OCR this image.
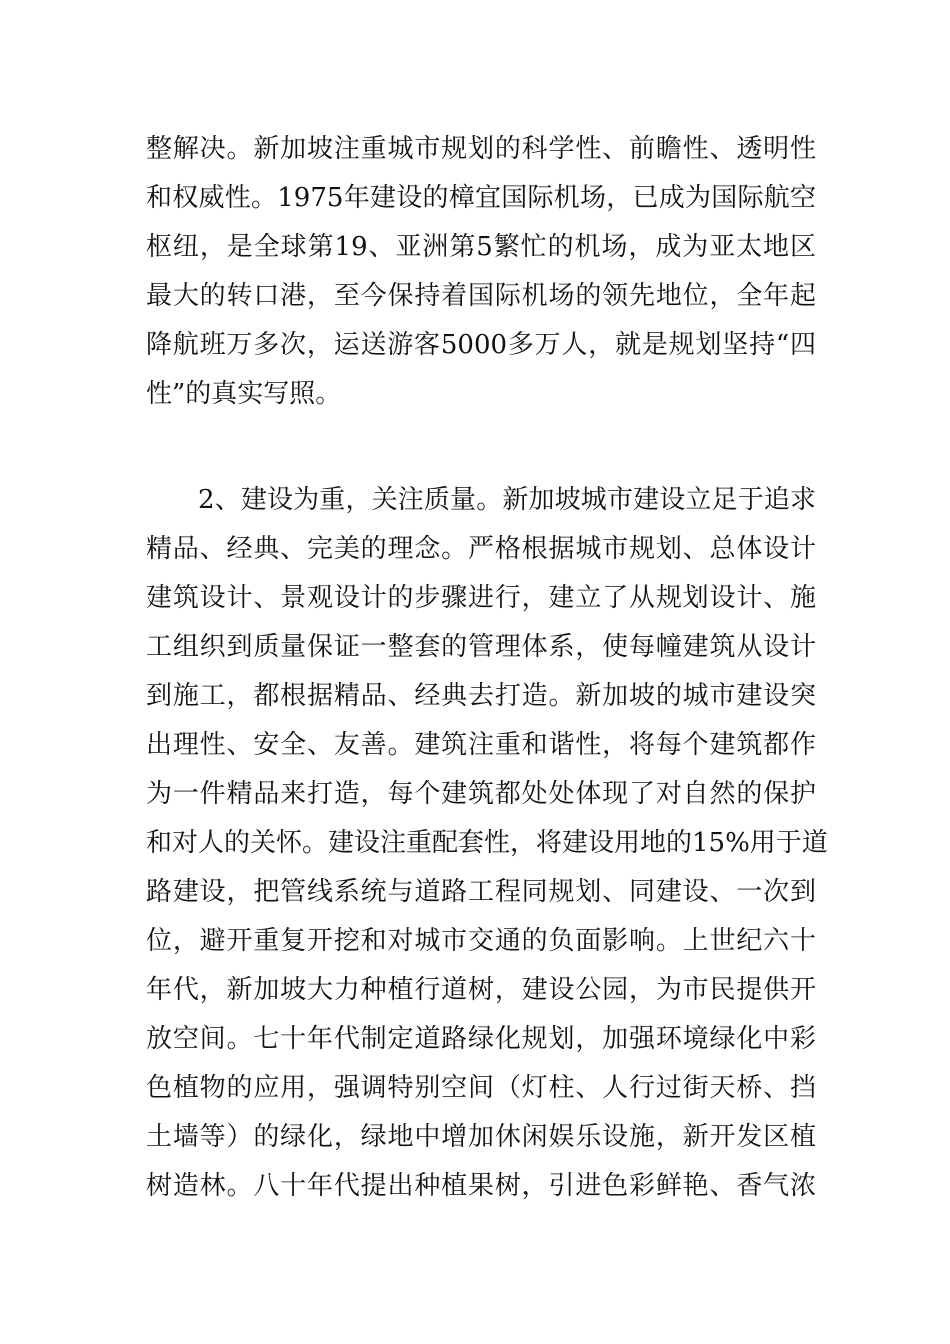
整解决。新加坡注重城市规划的科学性、前瞻性、透明性
和权威性。1975年建设的樟宜国际机场，已成为国际航空
枢纽，是全球第19、亚洲第5繁忙的机场，成为亚太地区
最大的转口港，至今保持着国际机场的领先地位，全年起
降航班万多次，运送游客5000多万人，就是规划坚持“四
性”的真实写照。
2、建设为重，关注质量。新加坡城市建设立足于追求
精品、经典、完美的理念。严格根据城市规划、总体设计
建筑设计、景观设计的步骤进行，建立了从规划设计、施
工组织到质量保证一整套的管理体系，使每幢建筑从设计
到施工，都根据精品、经典去打造。新加坡的城市建设突
出理性、安全、友善。建筑注重和谐性，将每个建筑都作
为一件精品来打造，每个建筑都处处体现了对自然的保护
和对人的关怀。建设注重配套性，将建设用地的15%用于道
路建设，把管线系统与道路工程同规划、同建设、一次到
位，避开重复开挖和对城市交通的负面影响。上世纪六十
年代，新加坡大力种植行道树，建设公园，为市民提供开
放空间。七十年代制定道路绿化规划，加强环境绿化中彩
色植物的应用，强调特别空间（灯柱、人行过街天桥、挡
土墙等）的绿化，绿地中增加休闲娱乐设施，新开发区植
树造林。八十年代提出种植果树，引进色彩鲜艳、香气浓
